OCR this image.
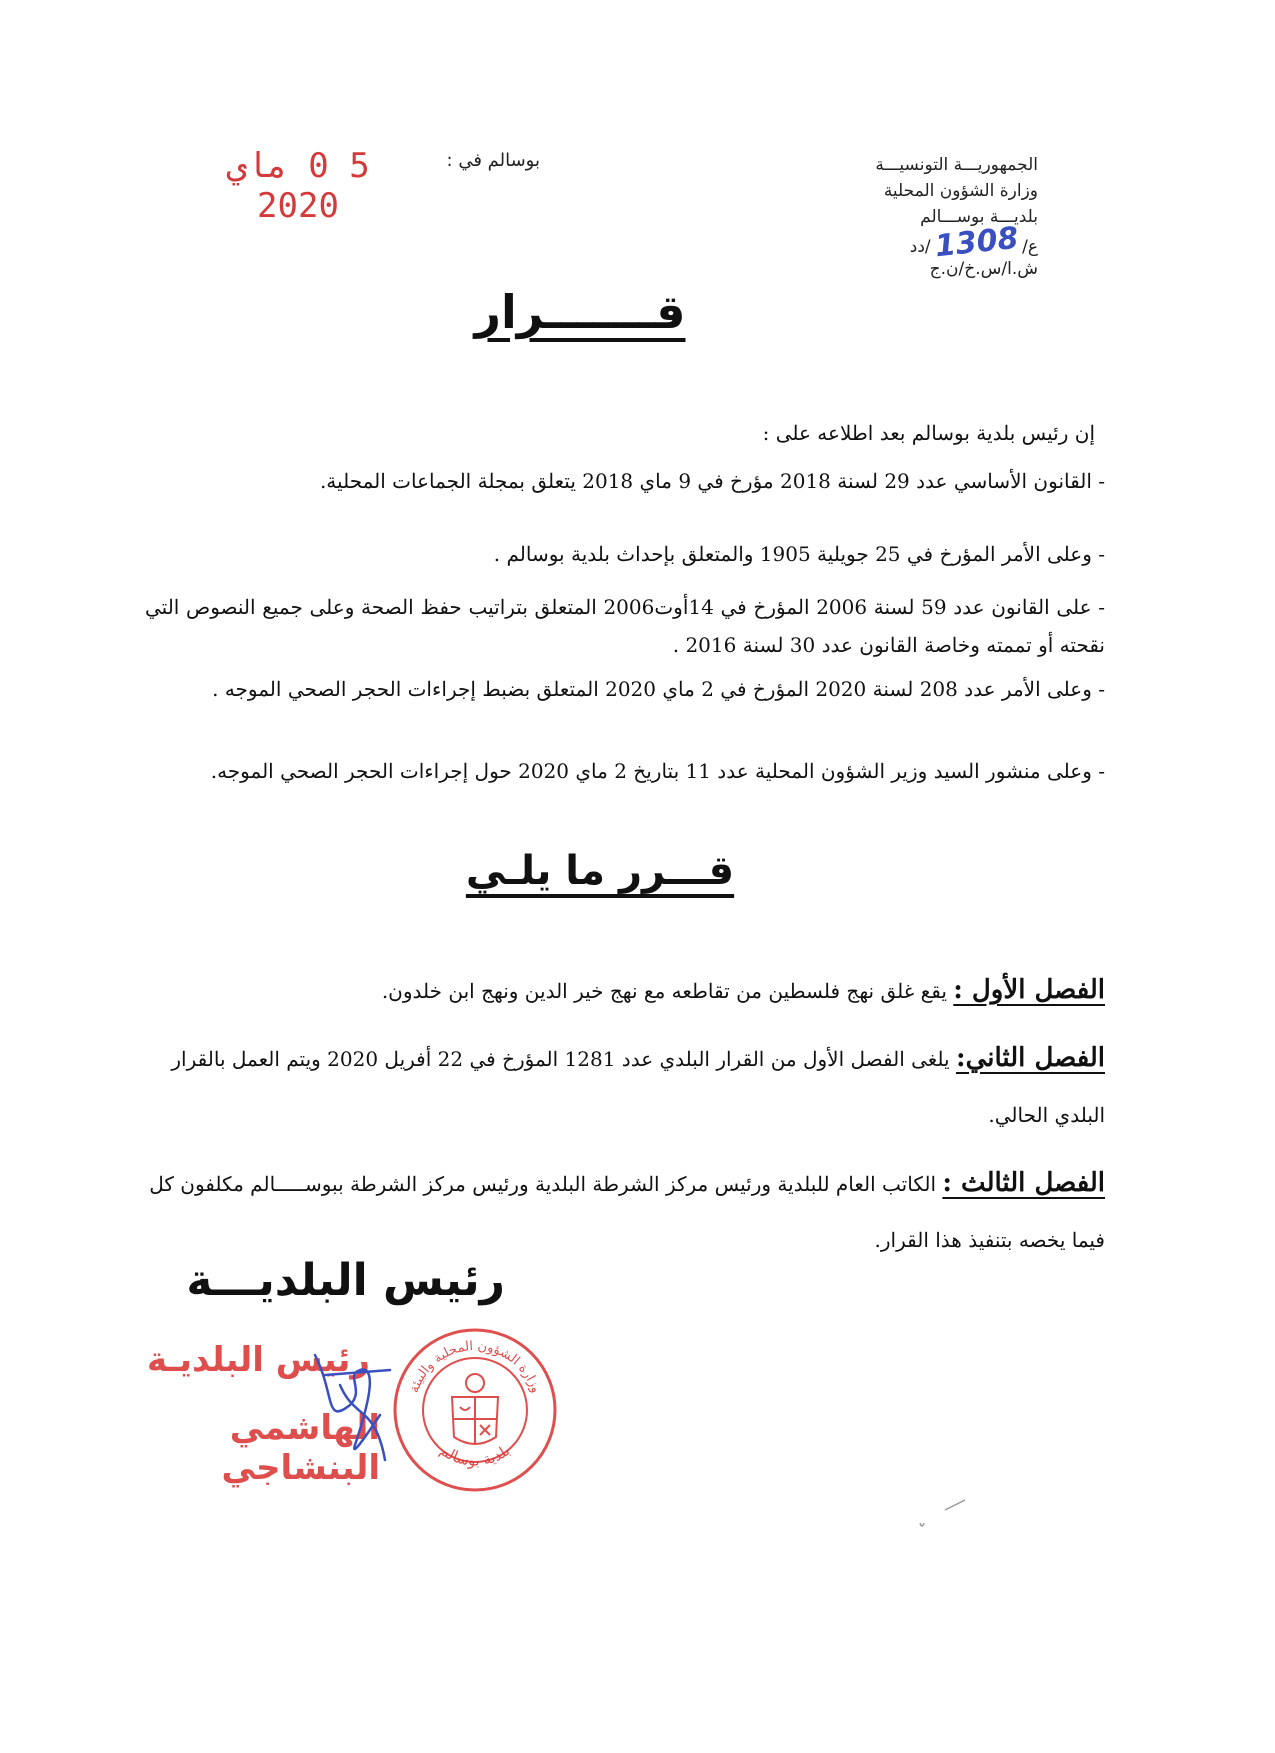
الجمهوريـــة التونسيـــة
وزارة الشؤون المحلية
بلديـــة بوســـالم
ع/1308/دد
ش.ا/س.خ/ن.ج
بوسالم في :
5 0 ماي 2020
قـــــــرار
إن رئيس بلدية بوسالم بعد اطلاعه على :
- القانون الأساسي عدد 29 لسنة 2018 مؤرخ في 9 ماي 2018 يتعلق بمجلة الجماعات المحلية.
- وعلى الأمر المؤرخ في 25 جويلية 1905 والمتعلق بإحداث بلدية بوسالم .
- على القانون عدد 59 لسنة 2006 المؤرخ في 14أوت2006 المتعلق بتراتيب حفظ الصحة وعلى جميع النصوص التي نقحته أو تممته وخاصة القانون عدد 30 لسنة 2016 .
- وعلى الأمر عدد 208 لسنة 2020 المؤرخ في 2 ماي 2020 المتعلق بضبط إجراءات الحجر الصحي الموجه .
- وعلى منشور السيد وزير الشؤون المحلية عدد 11 بتاريخ 2 ماي 2020 حول إجراءات الحجر الصحي الموجه.
قـــرر ما يلـي
الفصل الأول : يقع غلق نهج فلسطين من تقاطعه مع نهج خير الدين ونهج ابن خلدون.
الفصل الثاني: يلغى الفصل الأول من القرار البلدي عدد 1281 المؤرخ في 22 أفريل 2020 ويتم العمل بالقرار البلدي الحالي.
الفصل الثالث : الكاتب العام للبلدية ورئيس مركز الشرطة البلدية ورئيس مركز الشرطة ببوســـــالم مكلفون كل فيما يخصه بتنفيذ هذا القرار.
رئيس البلديـــة
رئيس البلديـة
الهاشمي البنشاجي
وزارة الشؤون المحلية والبيئة
بلدية بوسالم
